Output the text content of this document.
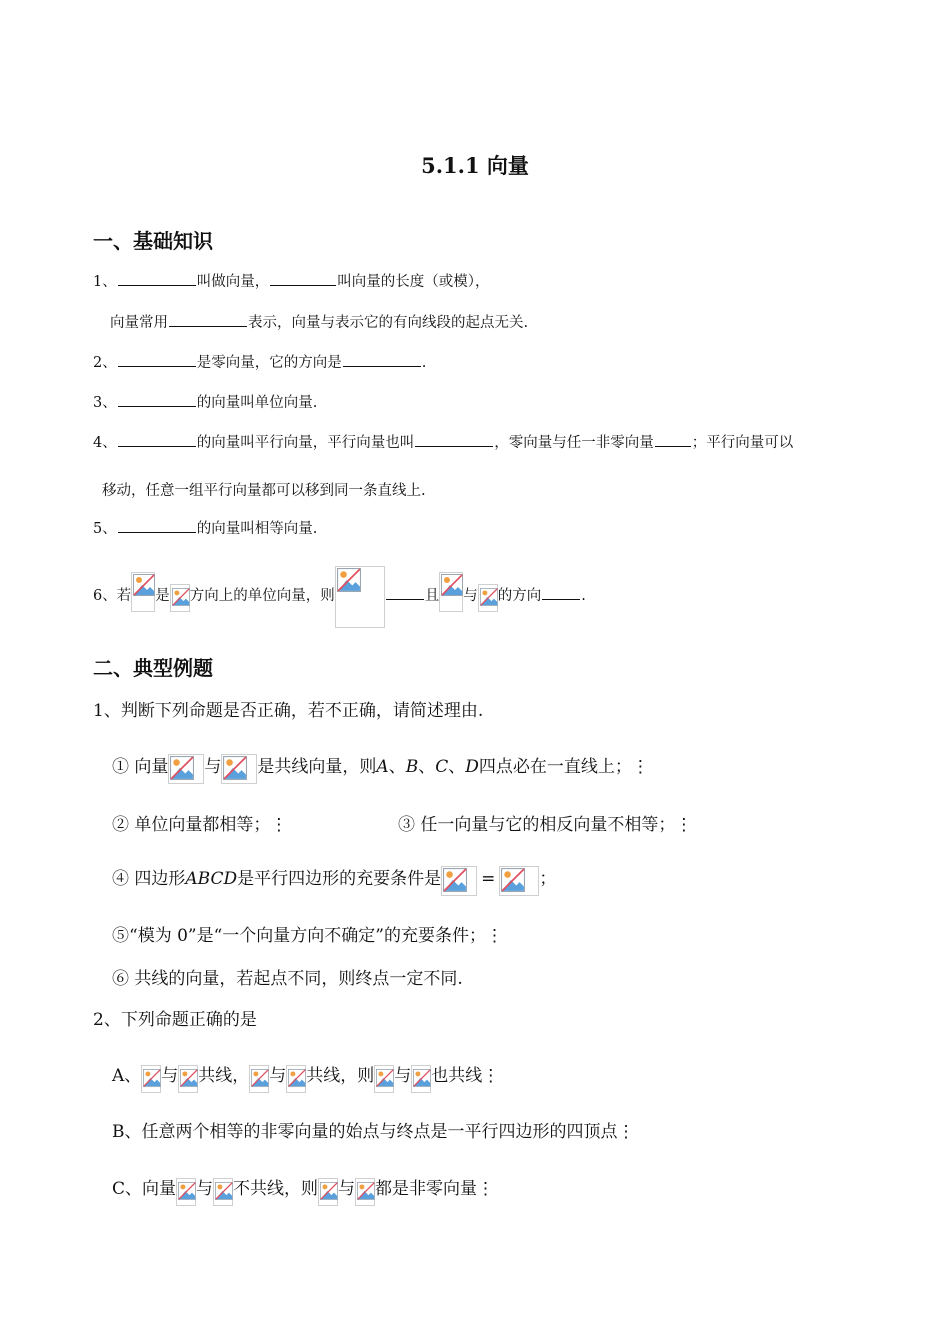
5.1.1 向量
一、基础知识
1、	叫做向量，	叫向量的长度（或模），
向量常用	表示，向量与表示它的有向线段的起点无关.
2、	是零向量，它的方向是	.
3、	的向量叫单位向量.
4、	的向量叫平行向量，平行向量也叫	，零向量与任一非零向量	；平行向量可以
移动，任意一组平行向量都可以移到同一条直线上.
5、	的向量叫相等向量.
6、若 是 方向上的单位向量，则	且 与 的方向	.
二、典型例题
1、判断下列命题是否正确，若不正确，请简述理由.
① 向量 与 是共线向量，则A、B、C、D四点必在一直线上；⋮
② 单位向量都相等；⋮	③ 任一向量与它的相反向量不相等；⋮
④ 四边形ABCD是平行四边形的充要条件是 =	；
⑤“模为 0”是“一个向量方向不确定”的充要条件；⋮
⑥ 共线的向量，若起点不同，则终点一定不同.
2、下列命题正确的是
A、 与 共线， 与 共线，则 与 也共线⋮
B、任意两个相等的非零向量的始点与终点是一平行四边形的四顶点⋮
C、向量 与 不共线，则 与 都是非零向量⋮
